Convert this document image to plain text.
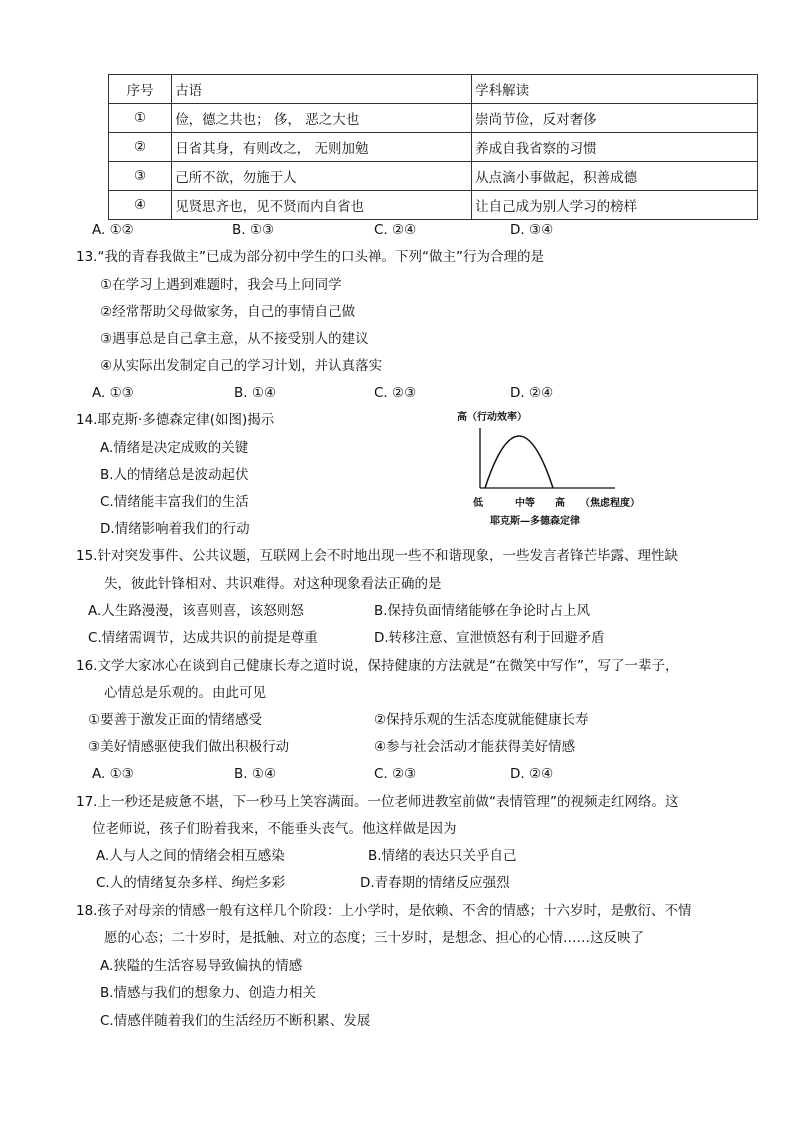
序号	古语	学科解读
①	俭，德之共也； 侈， 恶之大也	崇尚节俭，反对奢侈
②	日省其身，有则改之， 无则加勉	养成自我省察的习惯
③	己所不欲，勿施于人	从点滴小事做起，积善成德
④	见贤思齐也，见不贤而内自省也	让自己成为别人学习的榜样
A. ①②	B. ①③	C. ②④	D. ③④
13.“我的青春我做主”已成为部分初中学生的口头禅。下列“做主”行为合理的是
①在学习上遇到难题时，我会马上问同学
②经常帮助父母做家务，自己的事情自己做
③遇事总是自己拿主意，从不接受别人的建议
④从实际出发制定自己的学习计划，并认真落实
A. ①③	B. ①④	C. ②③	D. ②④
14.耶克斯·多德森定律(如图)揭示
A.情绪是决定成败的关键
B.人的情绪总是波动起伏
C.情绪能丰富我们的生活
D.情绪影响着我们的行动
高（行动效率）
低	中等 高 （焦虑程度）
耶克斯—多德森定律
15.针对突发事件、公共议题，互联网上会不时地出现一些不和谐现象，一些发言者锋芒毕露、理性缺
失，彼此针锋相对、共识难得。对这种现象看法正确的是
A.人生路漫漫，该喜则喜，该怒则怒	B.保持负面情绪能够在争论时占上风
C.情绪需调节，达成共识的前提是尊重	D.转移注意、宣泄愤怒有利于回避矛盾
16.文学大家冰心在谈到自己健康长寿之道时说，保持健康的方法就是“在微笑中写作”，写了一辈子，
心情总是乐观的。由此可见
①要善于激发正面的情绪感受	②保持乐观的生活态度就能健康长寿
③美好情感驱使我们做出积极行动	④参与社会活动才能获得美好情感
A. ①③	B. ①④	C. ②③	D. ②④
17.上一秒还是疲惫不堪，下一秒马上笑容满面。一位老师进教室前做“表情管理”的视频走红网络。这
位老师说，孩子们盼着我来，不能垂头丧气。他这样做是因为
A.人与人之间的情绪会相互感染	B.情绪的表达只关乎自己
C.人的情绪复杂多样、绚烂多彩	D.青春期的情绪反应强烈
18.孩子对母亲的情感一般有这样几个阶段：上小学时，是依赖、不舍的情感；十六岁时，是敷衍、不情
愿的心态；二十岁时，是抵触、对立的态度；三十岁时，是想念、担心的心情……这反映了
A.狭隘的生活容易导致偏执的情感
B.情感与我们的想象力、创造力相关
C.情感伴随着我们的生活经历不断积累、发展
